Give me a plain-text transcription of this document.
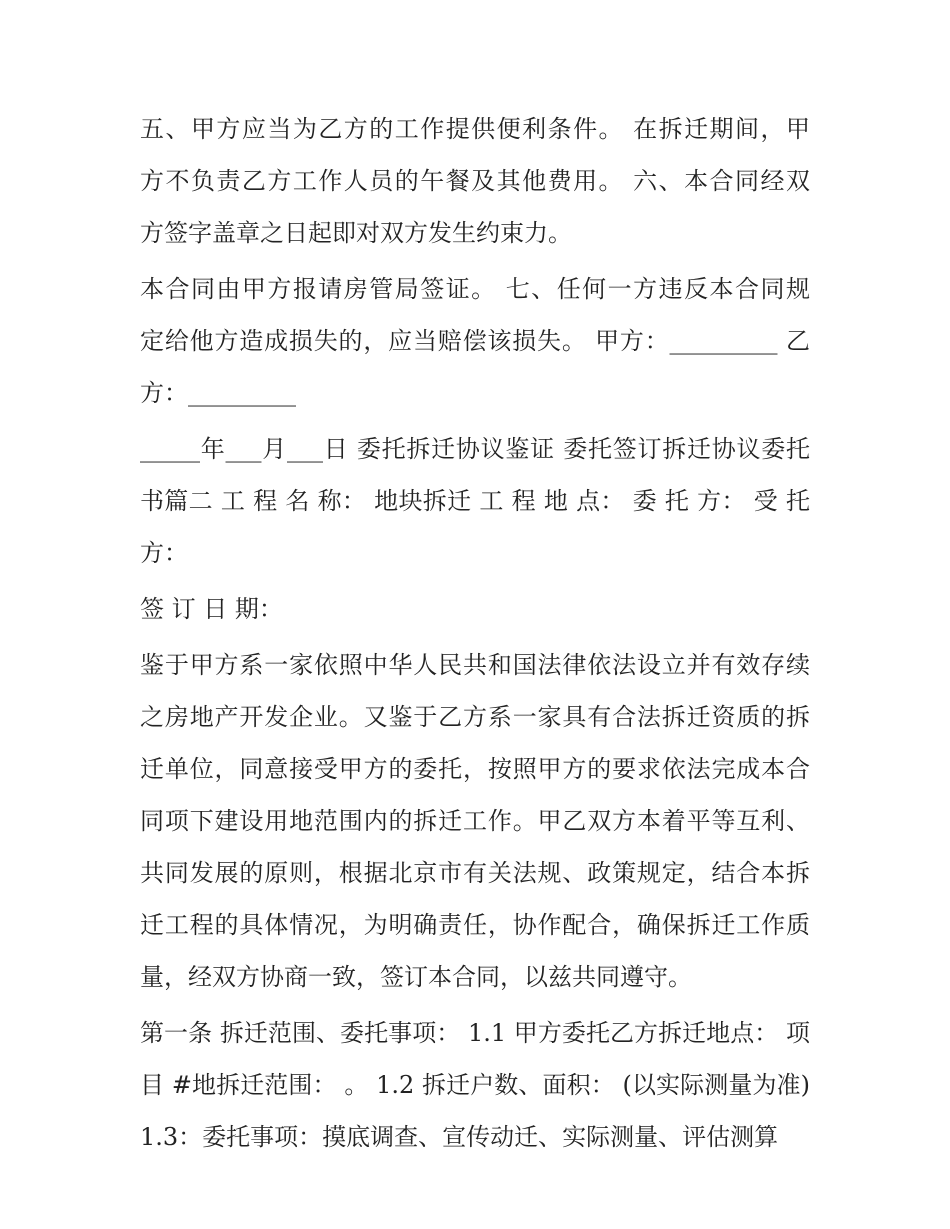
五、甲方应当为乙方的工作提供便利条件。 在拆迁期间，甲
方不负责乙方工作人员的午餐及其他费用。 六、本合同经双
方签字盖章之日起即对双方发生约束力。
本合同由甲方报请房管局签证。 七、任何一方违反本合同规
定给他方造成损失的，应当赔偿该损失。 甲方：_________ 乙
方：_________
_____年___月___日 委托拆迁协议鉴证 委托签订拆迁协议委托
书篇二 工 程 名 称： 地块拆迁 工 程 地 点： 委 托 方： 受 托
方：
签 订 日 期：
鉴于甲方系一家依照中华人民共和国法律依法设立并有效存续
之房地产开发企业。又鉴于乙方系一家具有合法拆迁资质的拆
迁单位，同意接受甲方的委托，按照甲方的要求依法完成本合
同项下建设用地范围内的拆迁工作。甲乙双方本着平等互利、
共同发展的原则，根据北京市有关法规、政策规定，结合本拆
迁工程的具体情况，为明确责任，协作配合，确保拆迁工作质
量，经双方协商一致，签订本合同，以兹共同遵守。
第一条 拆迁范围、委托事项： 1.1 甲方委托乙方拆迁地点： 项
目 #地拆迁范围： 。 1.2 拆迁户数、面积： (以实际测量为准)
1.3：委托事项：摸底调查、宣传动迁、实际测量、评估测算
